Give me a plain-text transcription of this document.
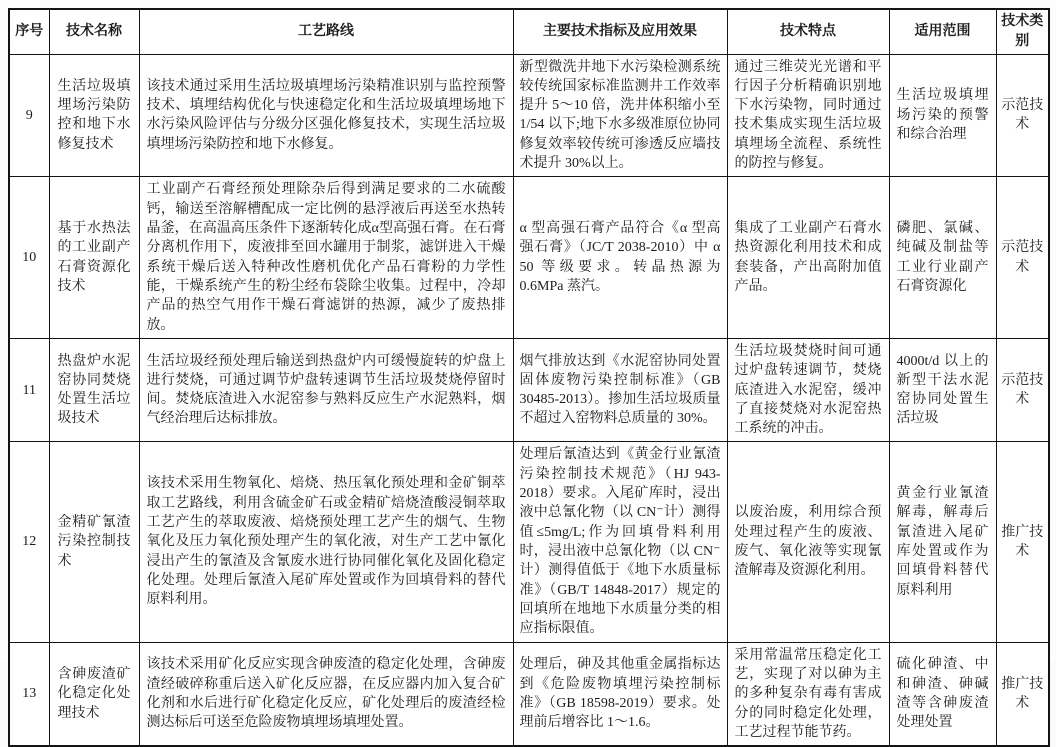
序号	技术名称	工艺路线	主要技术指标及应用效果	技术特点	适用范围	技术类别
9	生活垃圾填埋场污染防控和地下水修复技术	该技术通过采用生活垃圾填埋场污染精准识别与监控预警技术、填埋结构优化与快速稳定化和生活垃圾填埋场地下水污染风险评估与分级分区强化修复技术，实现生活垃圾填埋场污染防控和地下水修复。	新型微洗井地下水污染检测系统较传统国家标准监测井工作效率提升 5～10 倍，洗井体积缩小至 1/54 以下;地下水多级准原位协同修复效率较传统可渗透反应墙技术提升 30%以上。	通过三维荧光光谱和平行因子分析精确识别地下水污染物，同时通过技术集成实现生活垃圾填埋场全流程、系统性的防控与修复。	生活垃圾填埋场污染的预警和综合治理	示范技术
10	基于水热法的工业副产石膏资源化技术	工业副产石膏经预处理除杂后得到满足要求的二水硫酸钙，输送至溶解槽配成一定比例的悬浮液后再送至水热转晶釜，在高温高压条件下逐渐转化成α型高强石膏。在石膏分离机作用下，废液排至回水罐用于制浆，滤饼进入干燥系统干燥后送入特种改性磨机优化产品石膏粉的力学性能，干燥系统产生的粉尘经布袋除尘收集。过程中，冷却产品的热空气用作干燥石膏滤饼的热源，减少了废热排放。	α 型高强石膏产品符合《α 型高强石膏》（JC/T 2038-2010）中 α 50 等级要求。转晶热源为 0.6MPa 蒸汽。	集成了工业副产石膏水热资源化利用技术和成套装备，产出高附加值产品。	磷肥、氯碱、纯碱及制盐等工业行业副产石膏资源化	示范技术
11	热盘炉水泥窑协同焚烧处置生活垃圾技术	生活垃圾经预处理后输送到热盘炉内可缓慢旋转的炉盘上进行焚烧，可通过调节炉盘转速调节生活垃圾焚烧停留时间。焚烧底渣进入水泥窑参与熟料反应生产水泥熟料，烟气经治理后达标排放。	烟气排放达到《水泥窑协同处置固体废物污染控制标准》（GB 30485-2013）。掺加生活垃圾质量不超过入窑物料总质量的 30%。	生活垃圾焚烧时间可通过炉盘转速调节，焚烧底渣进入水泥窑，缓冲了直接焚烧对水泥窑热工系统的冲击。	4000t/d 以上的新型干法水泥窑协同处置生活垃圾	示范技术
12	金精矿氰渣污染控制技术	该技术采用生物氧化、焙烧、热压氧化预处理和金矿铜萃取工艺路线，利用含硫金矿石或金精矿焙烧渣酸浸铜萃取工艺产生的萃取废液、焙烧预处理工艺产生的烟气、生物氧化及压力氧化预处理产生的氧化液，对生产工艺中氰化浸出产生的氰渣及含氰废水进行协同催化氧化及固化稳定化处理。处理后氰渣入尾矿库处置或作为回填骨料的替代原料利用。	处理后氰渣达到《黄金行业氰渣污染控制技术规范》（HJ 943-2018）要求。入尾矿库时，浸出液中总氰化物（以 CN⁻计）测得值≤5mg/L;作为回填骨料利用时，浸出液中总氰化物（以 CN⁻计）测得值低于《地下水质量标准》（GB/T 14848-2017）规定的回填所在地地下水质量分类的相应指标限值。	以废治废，利用综合预处理过程产生的废液、废气、氧化液等实现氰渣解毒及资源化利用。	黄金行业氰渣解毒，解毒后氰渣进入尾矿库处置或作为回填骨料替代原料利用	推广技术
13	含砷废渣矿化稳定化处理技术	该技术采用矿化反应实现含砷废渣的稳定化处理，含砷废渣经破碎称重后送入矿化反应器，在反应器内加入复合矿化剂和水后进行矿化稳定化反应，矿化处理后的废渣经检测达标后可送至危险废物填埋场填埋处置。	处理后，砷及其他重金属指标达到《危险废物填埋污染控制标准》（GB 18598-2019）要求。处理前后增容比 1～1.6。	采用常温常压稳定化工艺，实现了对以砷为主的多种复杂有毒有害成分的同时稳定化处理，工艺过程节能节药。	硫化砷渣、中和砷渣、砷碱渣等含砷废渣处理处置	推广技术
